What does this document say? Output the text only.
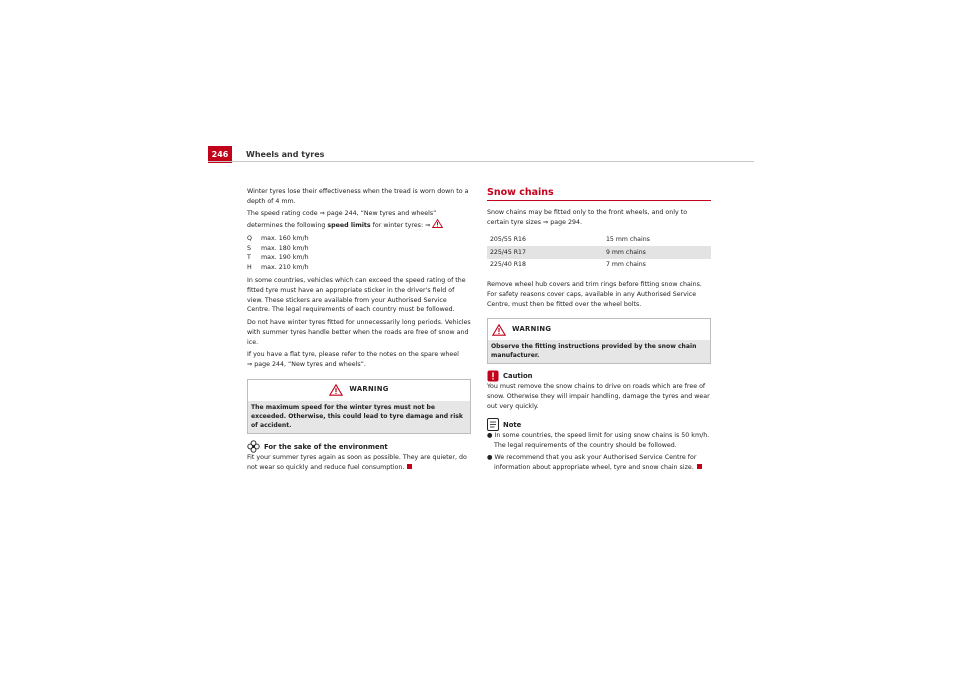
246	Wheels and tyres

Winter tyres lose their effectiveness when the tread is worn down to a depth of 4 mm.

The speed rating code ⇒ page 244, “New tyres and wheels” determines the following speed limits for winter tyres: ⇒

Q	max. 160 km/h
S	max. 180 km/h
T	max. 190 km/h
H	max. 210 km/h

In some countries, vehicles which can exceed the speed rating of the fitted tyre must have an appropriate sticker in the driver's field of view. These stickers are available from your Authorised Service Centre. The legal requirements of each country must be followed.

Do not have winter tyres fitted for unnecessarily long periods. Vehicles with summer tyres handle better when the roads are free of snow and ice.

If you have a flat tyre, please refer to the notes on the spare wheel
⇒ page 244, “New tyres and wheels”.

WARNING
The maximum speed for the winter tyres must not be exceeded. Otherwise, this could lead to tyre damage and risk of accident.
For the sake of the environment

Fit your summer tyres again as soon as possible. They are quieter, do not wear so quickly and reduce fuel consumption.

Snow chains

Snow chains may be fitted only to the front wheels, and only to certain tyre sizes ⇒ page 294.

205/55 R16	15 mm chains
225/45 R17	9 mm chains
225/40 R18	7 mm chains

Remove wheel hub covers and trim rings before fitting snow chains. For safety reasons cover caps, available in any Authorised Service Centre, must then be fitted over the wheel bolts.

WARNING
Observe the fitting instructions provided by the snow chain manufacturer.
Caution

You must remove the snow chains to drive on roads which are free of snow. Otherwise they will impair handling, damage the tyres and wear out very quickly.

Note

● In some countries, the speed limit for using snow chains is 50 km/h. The legal requirements of the country should be followed.

● We recommend that you ask your Authorised Service Centre for information about appropriate wheel, tyre and snow chain size.
